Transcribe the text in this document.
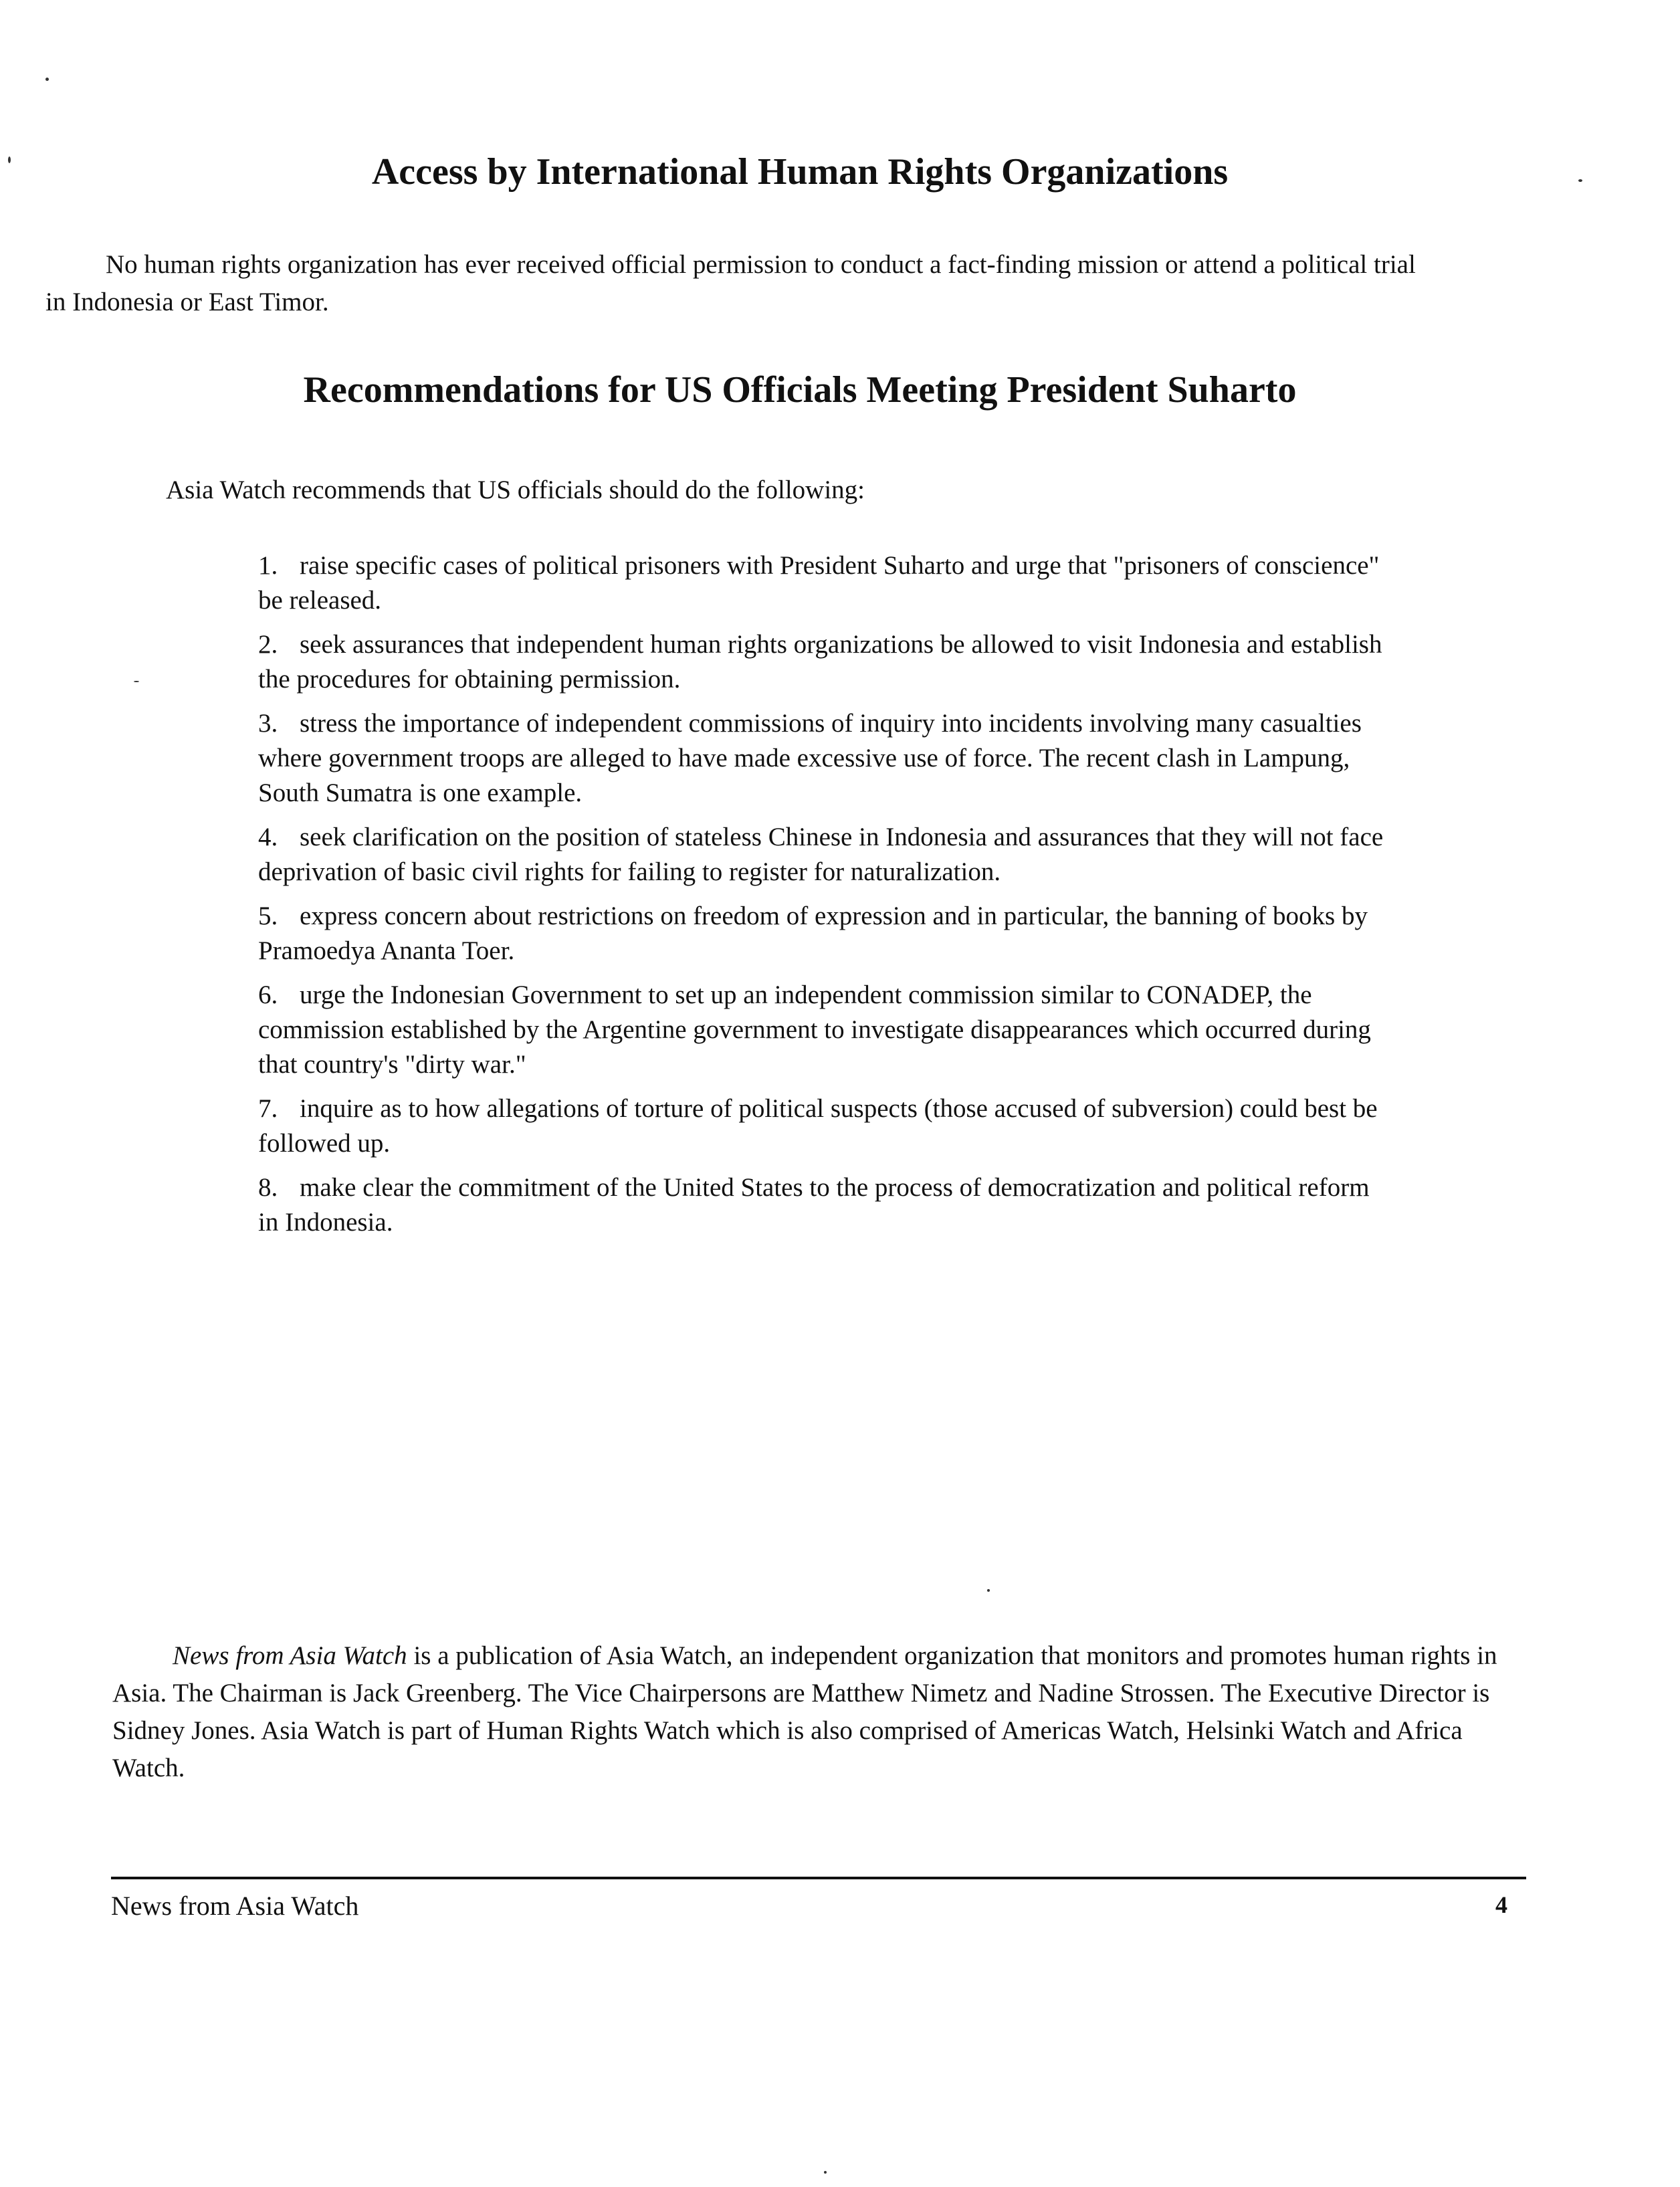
Access by International Human Rights Organizations

No human rights organization has ever received official permission to conduct a fact-finding mission or attend a political trial in Indonesia or East Timor.

Recommendations for US Officials Meeting President Suharto

Asia Watch recommends that US officials should do the following:

1. raise specific cases of political prisoners with President Suharto and urge that "prisoners of conscience" be released.
2. seek assurances that independent human rights organizations be allowed to visit Indonesia and establish the procedures for obtaining permission.
3. stress the importance of independent commissions of inquiry into incidents involving many casualties where government troops are alleged to have made excessive use of force. The recent clash in Lampung, South Sumatra is one example.
4. seek clarification on the position of stateless Chinese in Indonesia and assurances that they will not face deprivation of basic civil rights for failing to register for naturalization.
5. express concern about restrictions on freedom of expression and in particular, the banning of books by Pramoedya Ananta Toer.
6. urge the Indonesian Government to set up an independent commission similar to CONADEP, the commission established by the Argentine government to investigate disappearances which occurred during that country's "dirty war."
7. inquire as to how allegations of torture of political suspects (those accused of subversion) could best be followed up.
8. make clear the commitment of the United States to the process of democratization and political reform in Indonesia.

News from Asia Watch is a publication of Asia Watch, an independent organization that monitors and promotes human rights in Asia. The Chairman is Jack Greenberg. The Vice Chairpersons are Matthew Nimetz and Nadine Strossen. The Executive Director is Sidney Jones. Asia Watch is part of Human Rights Watch which is also comprised of Americas Watch, Helsinki Watch and Africa Watch.

News from Asia Watch	4
